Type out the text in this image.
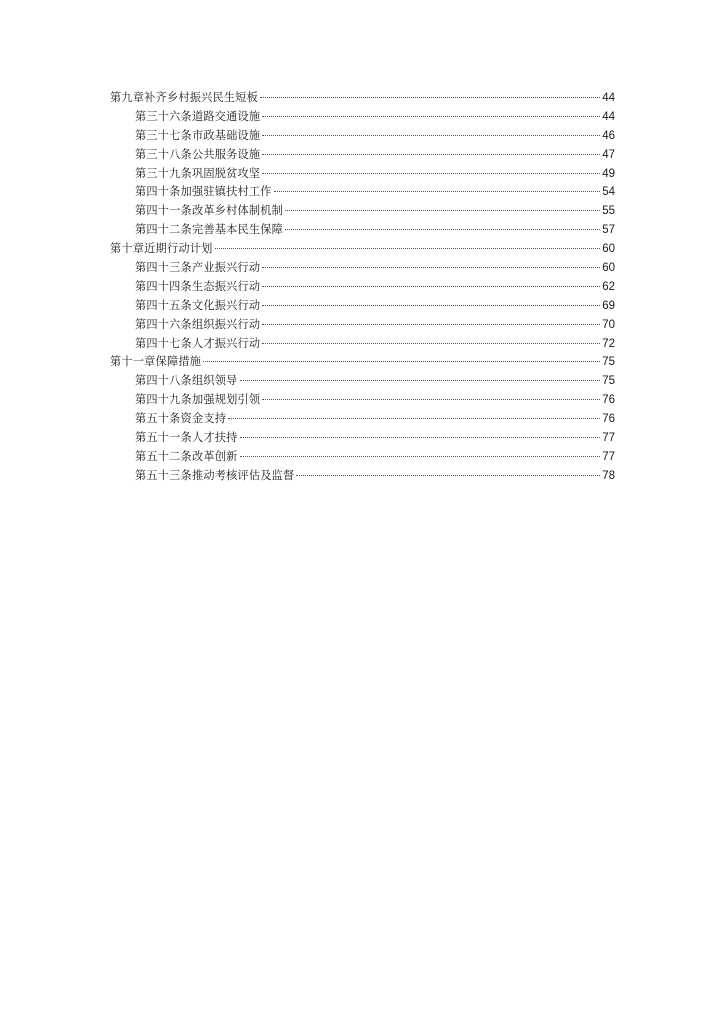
第九章补齐乡村振兴民生短板	44
第三十六条道路交通设施	44
第三十七条市政基础设施	46
第三十八条公共服务设施	47
第三十九条巩固脱贫攻坚	49
第四十条加强驻镇扶村工作	54
第四十一条改革乡村体制机制	55
第四十二条完善基本民生保障	57
第十章近期行动计划	60
第四十三条产业振兴行动	60
第四十四条生态振兴行动	62
第四十五条文化振兴行动	69
第四十六条组织振兴行动	70
第四十七条人才振兴行动	72
第十一章保障措施	75
第四十八条组织领导	75
第四十九条加强规划引领	76
第五十条资金支持	76
第五十一条人才扶持	77
第五十二条改革创新	77
第五十三条推动考核评估及监督	78
